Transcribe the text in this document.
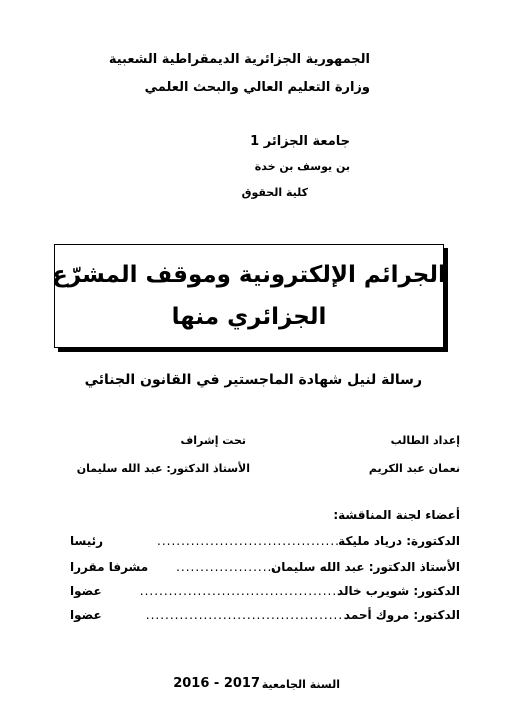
الجمهورية الجزائرية الديمقراطية الشعبية
وزارة التعليم العالي والبحث العلمي
جامعة الجزائر 1
بن يوسف بن خدة
كلية الحقوق
الجرائم الإلكترونية وموقف المشرّع
الجزائري منها
رسالة لنيل شهادة الماجستير في القانون الجنائي
إعداد الطالب
تحت إشراف
نعمان عبد الكريم
الأستاذ الدكتور: عبد الله سليمان
أعضاء لجنة المناقشة:
الدكتورة: درياد مليكة
......................................
رئيسا
الأستاذ الدكتور: عبد الله سليمان
......................
مشرفا مقررا
الدكتور: شويرب خالد
..........................................
عضوا
الدكتور: مروك أحمد
..........................................
عضوا
السنة الجامعية
2016 - 2017
